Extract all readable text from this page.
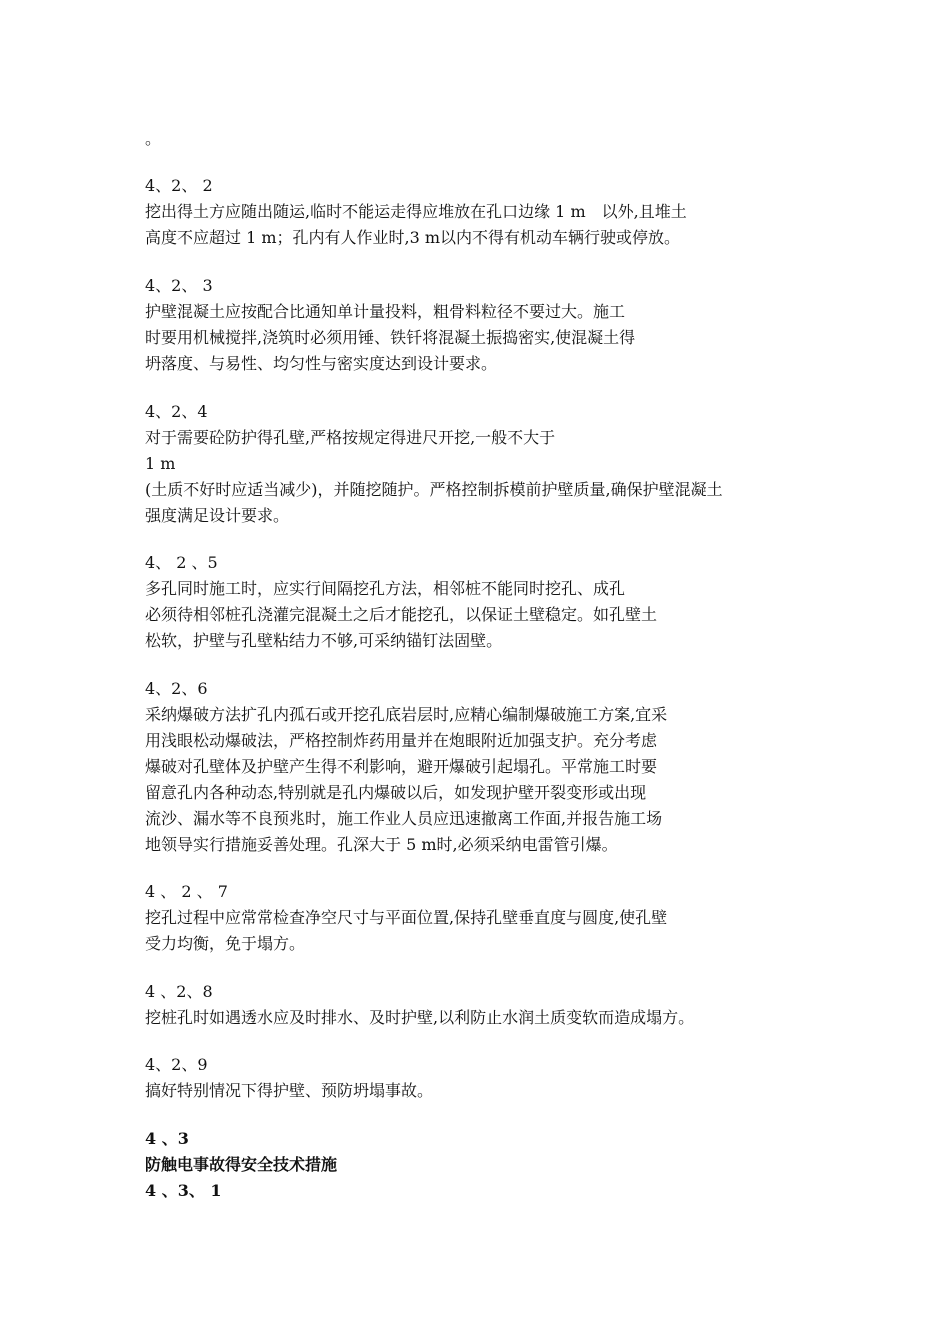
。
4、2、 2
挖出得土方应随出随运,临时不能运走得应堆放在孔口边缘 1 m　以外,且堆土
高度不应超过 1 m；孔内有人作业时,3 m以内不得有机动车辆行驶或停放。
4、2、 3
护壁混凝土应按配合比通知单计量投料，粗骨料粒径不要过大。施工
时要用机械搅拌,浇筑时必须用锤、铁钎将混凝土振捣密实,使混凝土得
坍落度、与易性、均匀性与密实度达到设计要求。
4、2、4
对于需要砼防护得孔壁,严格按规定得进尺开挖,一般不大于
1 m
(土质不好时应适当减少)，并随挖随护。严格控制拆模前护壁质量,确保护壁混凝土
强度满足设计要求。
4、 2 、5
多孔同时施工时，应实行间隔挖孔方法，相邻桩不能同时挖孔、成孔
必须待相邻桩孔浇灌完混凝土之后才能挖孔，以保证土壁稳定。如孔壁土
松软，护壁与孔壁粘结力不够,可采纳锚钉法固壁。
4、2、6
采纳爆破方法扩孔内孤石或开挖孔底岩层时,应精心编制爆破施工方案,宜采
用浅眼松动爆破法，严格控制炸药用量并在炮眼附近加强支护。充分考虑
爆破对孔壁体及护壁产生得不利影响，避开爆破引起塌孔。平常施工时要
留意孔内各种动态,特别就是孔内爆破以后，如发现护壁开裂变形或出现
流沙、漏水等不良预兆时，施工作业人员应迅速撤离工作面,并报告施工场
地领导实行措施妥善处理。孔深大于 5 m时,必须采纳电雷管引爆。
4 、 2 、 7
挖孔过程中应常常检查净空尺寸与平面位置,保持孔壁垂直度与圆度,使孔壁
受力均衡，免于塌方。
4 、2、8
挖桩孔时如遇透水应及时排水、及时护壁,以利防止水润土质变软而造成塌方。
4、2、9
搞好特别情况下得护壁、预防坍塌事故。
4 、3
防触电事故得安全技术措施
4 、3、 1
